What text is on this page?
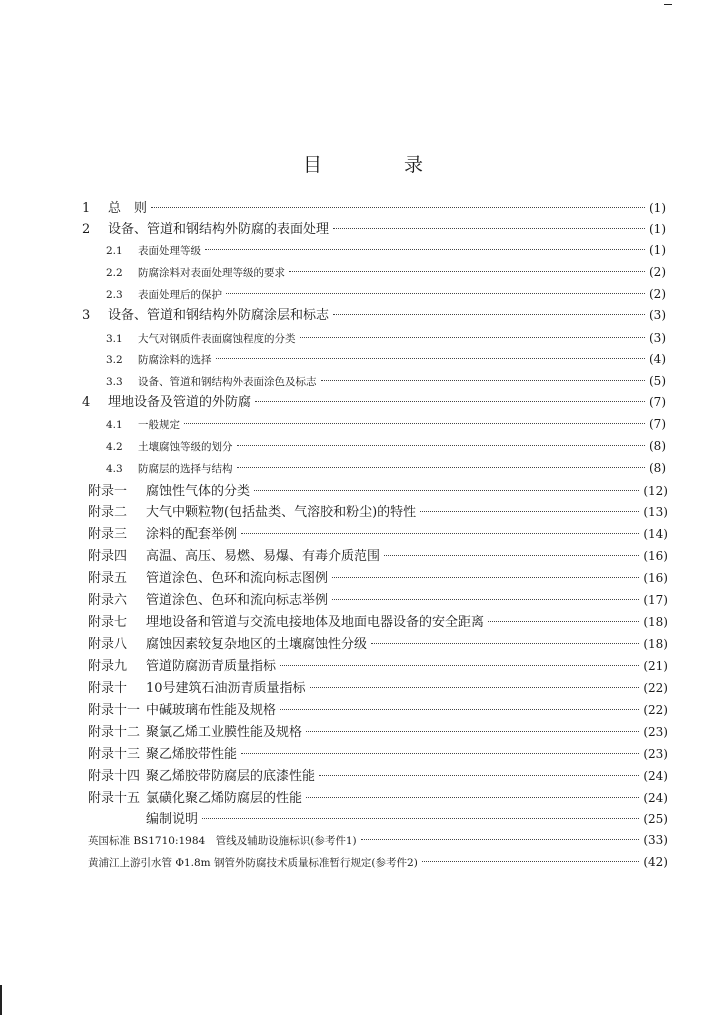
目 录
1	总　则	(1)
2	设备、管道和钢结构外防腐的表面处理	(1)
2.1	表面处理等级	(1)
2.2	防腐涂料对表面处理等级的要求	(2)
2.3	表面处理后的保护	(2)
3	设备、管道和钢结构外防腐涂层和标志	(3)
3.1	大气对钢质件表面腐蚀程度的分类	(3)
3.2	防腐涂料的选择	(4)
3.3	设备、管道和钢结构外表面涂色及标志	(5)
4	埋地设备及管道的外防腐	(7)
4.1	一般规定	(7)
4.2	土壤腐蚀等级的划分	(8)
4.3	防腐层的选择与结构	(8)
附录一	腐蚀性气体的分类	(12)
附录二	大气中颗粒物(包括盐类、气溶胶和粉尘)的特性	(13)
附录三	涂料的配套举例	(14)
附录四	高温、高压、易燃、易爆、有毒介质范围	(16)
附录五	管道涂色、色环和流向标志图例	(16)
附录六	管道涂色、色环和流向标志举例	(17)
附录七	埋地设备和管道与交流电接地体及地面电器设备的安全距离	(18)
附录八	腐蚀因素较复杂地区的土壤腐蚀性分级	(18)
附录九	管道防腐沥青质量指标	(21)
附录十	10号建筑石油沥青质量指标	(22)
附录十一 中碱玻璃布性能及规格	(22)
附录十二 聚氯乙烯工业膜性能及规格	(23)
附录十三 聚乙烯胶带性能	(23)
附录十四 聚乙烯胶带防腐层的底漆性能	(24)
附录十五 氯磺化聚乙烯防腐层的性能	(24)
编制说明	(25)
英国标准 BS1710:1984　管线及辅助设施标识(参考件1)	(33)
黄浦江上游引水管 Φ1.8m 钢管外防腐技术质量标准暂行规定(参考件2)	(42)
